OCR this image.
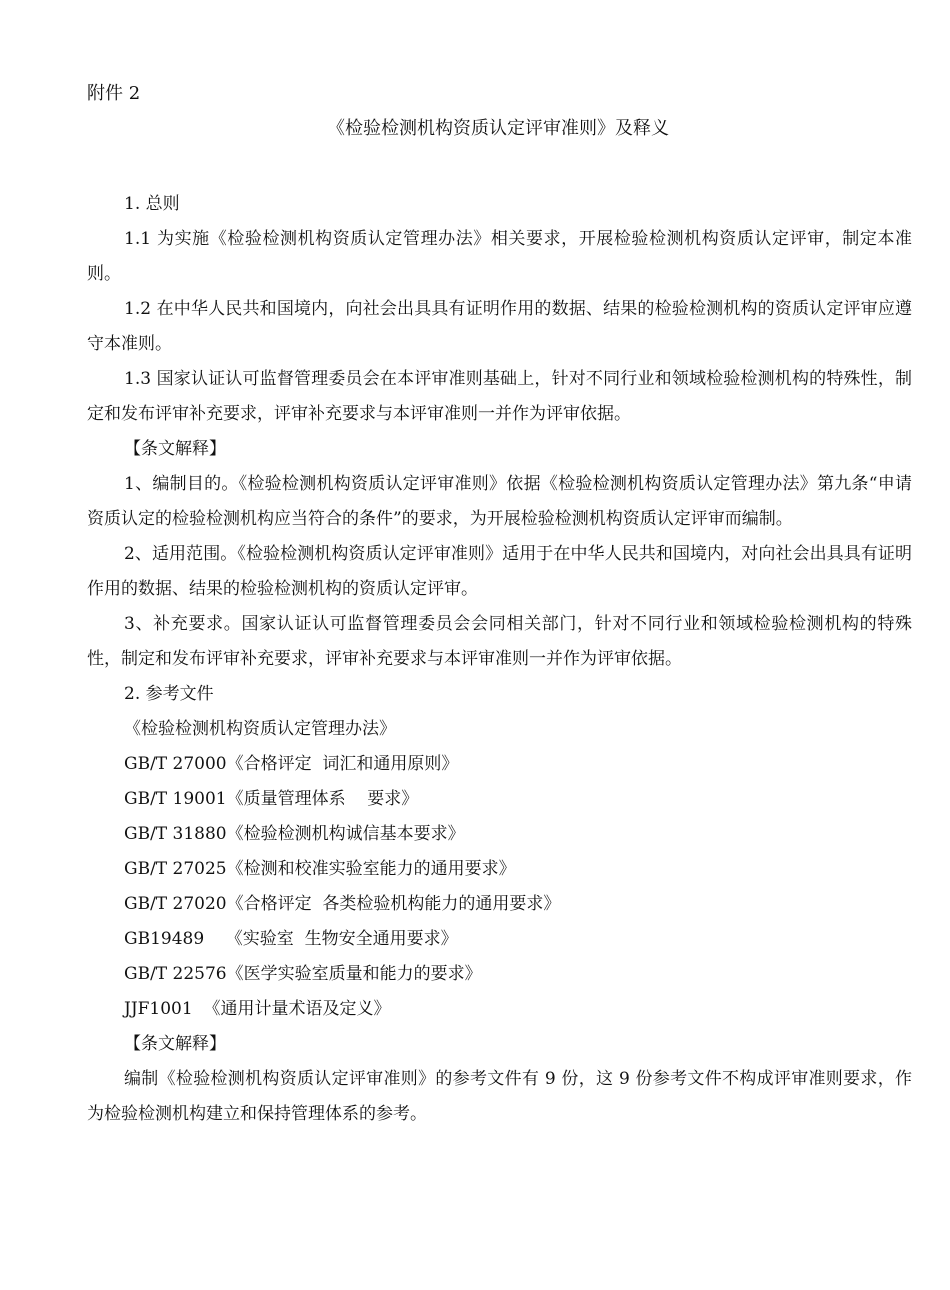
附件 2
《检验检测机构资质认定评审准则》及释义

1. 总则

1.1 为实施《检验检测机构资质认定管理办法》相关要求，开展检验检测机构资质认定评审，制定本准则。

1.2 在中华人民共和国境内，向社会出具具有证明作用的数据、结果的检验检测机构的资质认定评审应遵守本准则。

1.3 国家认证认可监督管理委员会在本评审准则基础上，针对不同行业和领域检验检测机构的特殊性，制定和发布评审补充要求，评审补充要求与本评审准则一并作为评审依据。

【条文解释】

1、编制目的。《检验检测机构资质认定评审准则》依据《检验检测机构资质认定管理办法》第九条“申请资质认定的检验检测机构应当符合的条件”的要求，为开展检验检测机构资质认定评审而编制。

2、适用范围。《检验检测机构资质认定评审准则》适用于在中华人民共和国境内，对向社会出具具有证明作用的数据、结果的检验检测机构的资质认定评审。

3、补充要求。国家认证认可监督管理委员会会同相关部门，针对不同行业和领域检验检测机构的特殊性，制定和发布评审补充要求，评审补充要求与本评审准则一并作为评审依据。

2. 参考文件

《检验检测机构资质认定管理办法》

GB/T 27000《合格评定  词汇和通用原则》

GB/T 19001《质量管理体系    要求》

GB/T 31880《检验检测机构诚信基本要求》

GB/T 27025《检测和校准实验室能力的通用要求》

GB/T 27020《合格评定  各类检验机构能力的通用要求》

GB19489    《实验室  生物安全通用要求》

GB/T 22576《医学实验室质量和能力的要求》

JJF1001  《通用计量术语及定义》

【条文解释】

编制《检验检测机构资质认定评审准则》的参考文件有 9 份，这 9 份参考文件不构成评审准则要求，作为检验检测机构建立和保持管理体系的参考。
